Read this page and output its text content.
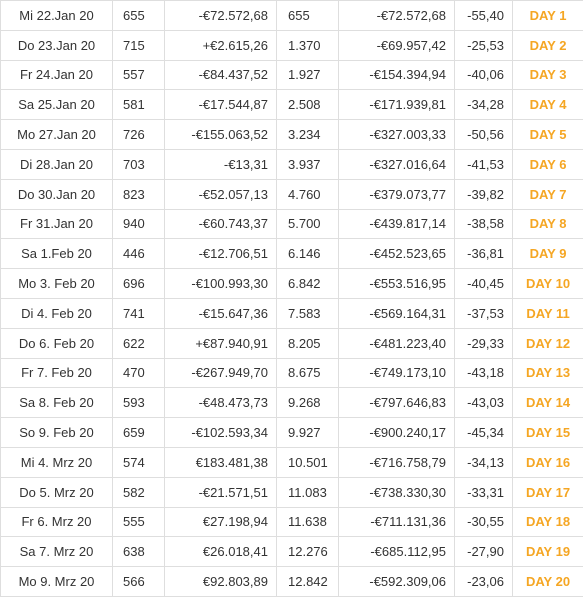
Mi 22.Jan 20	655	-€72.572,68	655	-€72.572,68	-55,40	DAY 1
Do 23.Jan 20	715	+€2.615,26	1.370	-€69.957,42	-25,53	DAY 2
Fr 24.Jan 20	557	-€84.437,52	1.927	-€154.394,94	-40,06	DAY 3
Sa 25.Jan 20	581	-€17.544,87	2.508	-€171.939,81	-34,28	DAY 4
Mo 27.Jan 20	726	-€155.063,52	3.234	-€327.003,33	-50,56	DAY 5
Di 28.Jan 20	703	-€13,31	3.937	-€327.016,64	-41,53	DAY 6
Do 30.Jan 20	823	-€52.057,13	4.760	-€379.073,77	-39,82	DAY 7
Fr 31.Jan 20	940	-€60.743,37	5.700	-€439.817,14	-38,58	DAY 8
Sa 1.Feb 20	446	-€12.706,51	6.146	-€452.523,65	-36,81	DAY 9
Mo 3. Feb 20	696	-€100.993,30	6.842	-€553.516,95	-40,45	DAY 10
Di 4. Feb 20	741	-€15.647,36	7.583	-€569.164,31	-37,53	DAY 11
Do 6. Feb 20	622	+€87.940,91	8.205	-€481.223,40	-29,33	DAY 12
Fr 7. Feb 20	470	-€267.949,70	8.675	-€749.173,10	-43,18	DAY 13
Sa 8. Feb 20	593	-€48.473,73	9.268	-€797.646,83	-43,03	DAY 14
So 9. Feb 20	659	-€102.593,34	9.927	-€900.240,17	-45,34	DAY 15
Mi 4. Mrz 20	574	€183.481,38	10.501	-€716.758,79	-34,13	DAY 16
Do 5. Mrz 20	582	-€21.571,51	11.083	-€738.330,30	-33,31	DAY 17
Fr 6. Mrz 20	555	€27.198,94	11.638	-€711.131,36	-30,55	DAY 18
Sa 7. Mrz 20	638	€26.018,41	12.276	-€685.112,95	-27,90	DAY 19
Mo 9. Mrz 20	566	€92.803,89	12.842	-€592.309,06	-23,06	DAY 20
